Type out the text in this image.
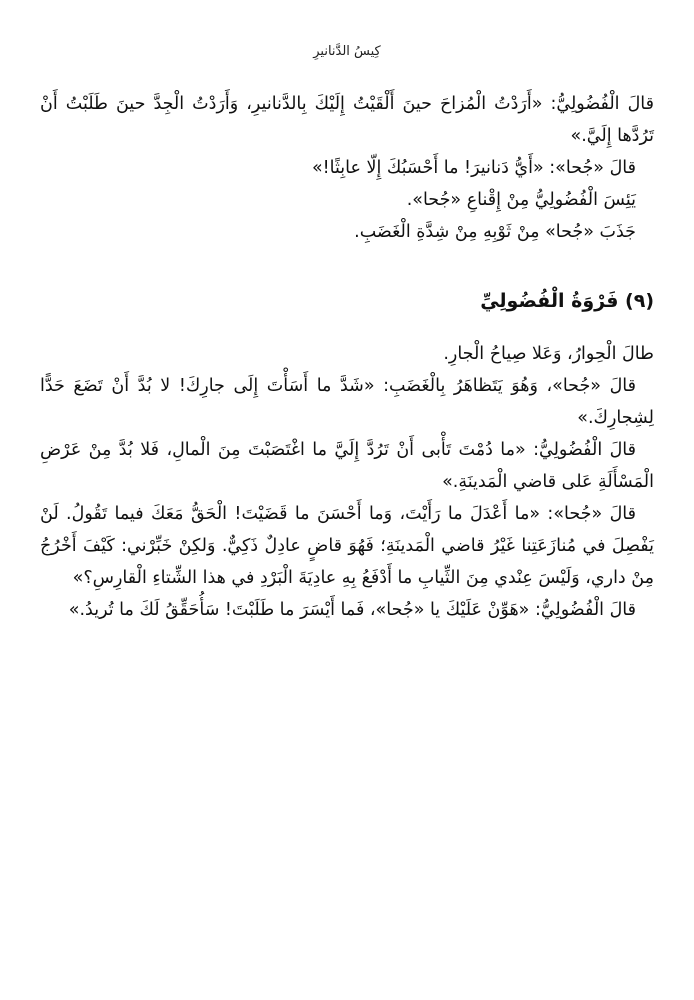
كِيسُ الدَّنانيرِ

قالَ الْفُضُولِيُّ: «أَرَدْتُ الْمُزاحَ حينَ أَلْقَيْتُ إِلَيْكَ بِالدَّنانيرِ، وَأَرَدْتُ الْجِدَّ حينَ طَلَبْتُ أَنْ تَرُدَّها إِلَيَّ.»

قالَ «جُحا»: «أَيُّ دَنانيرَ! ما أَحْسَبُكَ إِلّا عابِثًا!»

يَئِسَ الْفُضُولِيُّ مِنْ إِقْناعِ «جُحا».

جَذَبَ «جُحا» مِنْ ثَوْبِهِ مِنْ شِدَّةِ الْغَضَبِ.

(٩) فَرْوَةُ الْفُضُولِيِّ

طالَ الْحِوارُ، وَعَلا صِياحُ الْجارِ.

قالَ «جُحا»، وَهُوَ يَتَظاهَرُ بِالْغَضَبِ: «شَدَّ ما أَسَأْتَ إِلَى جارِكَ! لا بُدَّ أَنْ تَضَعَ حَدًّا لِشِجارِكَ.»

قالَ الْفُضُولِيُّ: «ما دُمْتَ تَأْبى أَنْ تَرُدَّ إِلَيَّ ما اغْتَصَبْتَ مِنَ الْمالِ، فَلا بُدَّ مِنْ عَرْضِ الْمَسْأَلَةِ عَلى قاضي الْمَدينَةِ.»

قالَ «جُحا»: «ما أَعْدَلَ ما رَأَيْتَ، وَما أَحْسَنَ ما قَضَيْتَ! الْحَقُّ مَعَكَ فيما تَقُولُ. لَنْ يَفْصِلَ في مُنازَعَتِنا غَيْرُ قاضي الْمَدينَةِ؛ فَهُوَ قاضٍ عادِلٌ ذَكِيٌّ. وَلكِنْ خَبِّرْني: كَيْفَ أَخْرُجُ مِنْ داري، وَلَيْسَ عِنْدي مِنَ الثِّيابِ ما أَدْفَعُ بِهِ عادِيَةَ الْبَرْدِ في هذا الشِّتاءِ الْقارِسِ؟»

قالَ الْفُضُولِيُّ: «هَوِّنْ عَلَيْكَ يا «جُحا»، فَما أَيْسَرَ ما طَلَبْتَ! سَأُحَقِّقُ لَكَ ما تُريدُ.»
